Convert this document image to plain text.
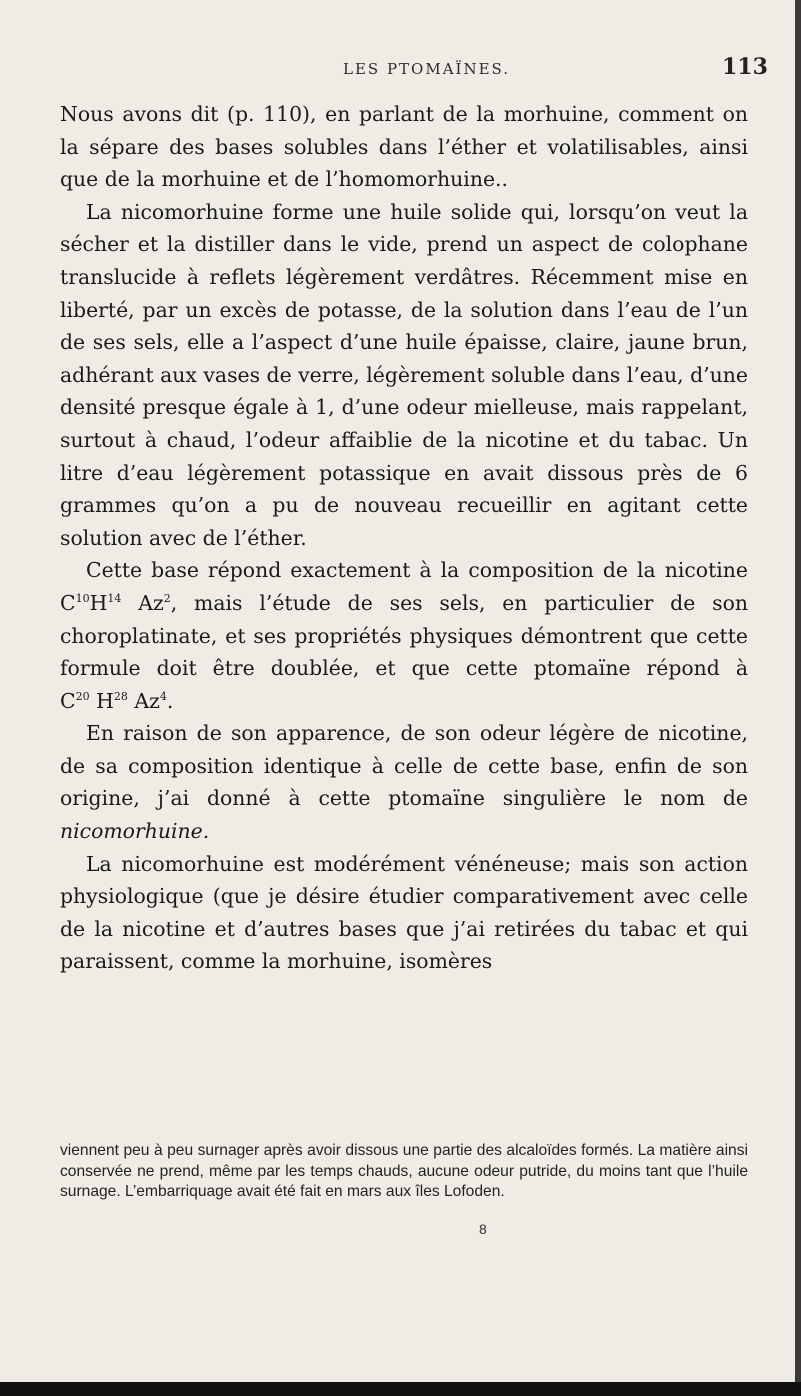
LES PTOMAÏNES.	113

Nous avons dit (p. 110), en parlant de la morhuine, comment on la sépare des bases solubles dans l’éther et volatilisables, ainsi que de la morhuine et de l’homomorhuine..

La nicomorhuine forme une huile solide qui, lorsqu’on veut la sécher et la distiller dans le vide, prend un aspect de colophane translucide à reflets légèrement verdâtres. Récemment mise en liberté, par un excès de potasse, de la solution dans l’eau de l’un de ses sels, elle a l’aspect d’une huile épaisse, claire, jaune brun, adhérant aux vases de verre, légèrement soluble dans l’eau, d’une densité presque égale à 1, d’une odeur mielleuse, mais rappelant, surtout à chaud, l’odeur affaiblie de la nicotine et du tabac. Un litre d’eau légèrement potassique en avait dissous près de 6 grammes qu’on a pu de nouveau recueillir en agitant cette solution avec de l’éther.

Cette base répond exactement à la composition de la nicotine $C^{10}H^{14}$ Az$^2$, mais l’étude de ses sels, en particulier de son choroplatinate, et ses propriétés physiques démontrent que cette formule doit être doublée, et que cette ptomaïne répond à $C^{20}$ $H^{28}$ Az$^4$.

En raison de son apparence, de son odeur légère de nicotine, de sa composition identique à celle de cette base, enfin de son origine, j’ai donné à cette ptomaïne singulière le nom de nicomorhuine.

La nicomorhuine est modérément vénéneuse; mais son action physiologique (que je désire étudier comparativement avec celle de la nicotine et d’autres bases que j’ai retirées du tabac et qui paraissent, comme la morhuine, isomères

viennent peu à peu surnager après avoir dissous une partie des alcaloïdes formés. La matière ainsi conservée ne prend, même par les temps chauds, aucune odeur putride, du moins tant que l’huile surnage. L’embarriquage avait été fait en mars aux îles Lofoden.

8
